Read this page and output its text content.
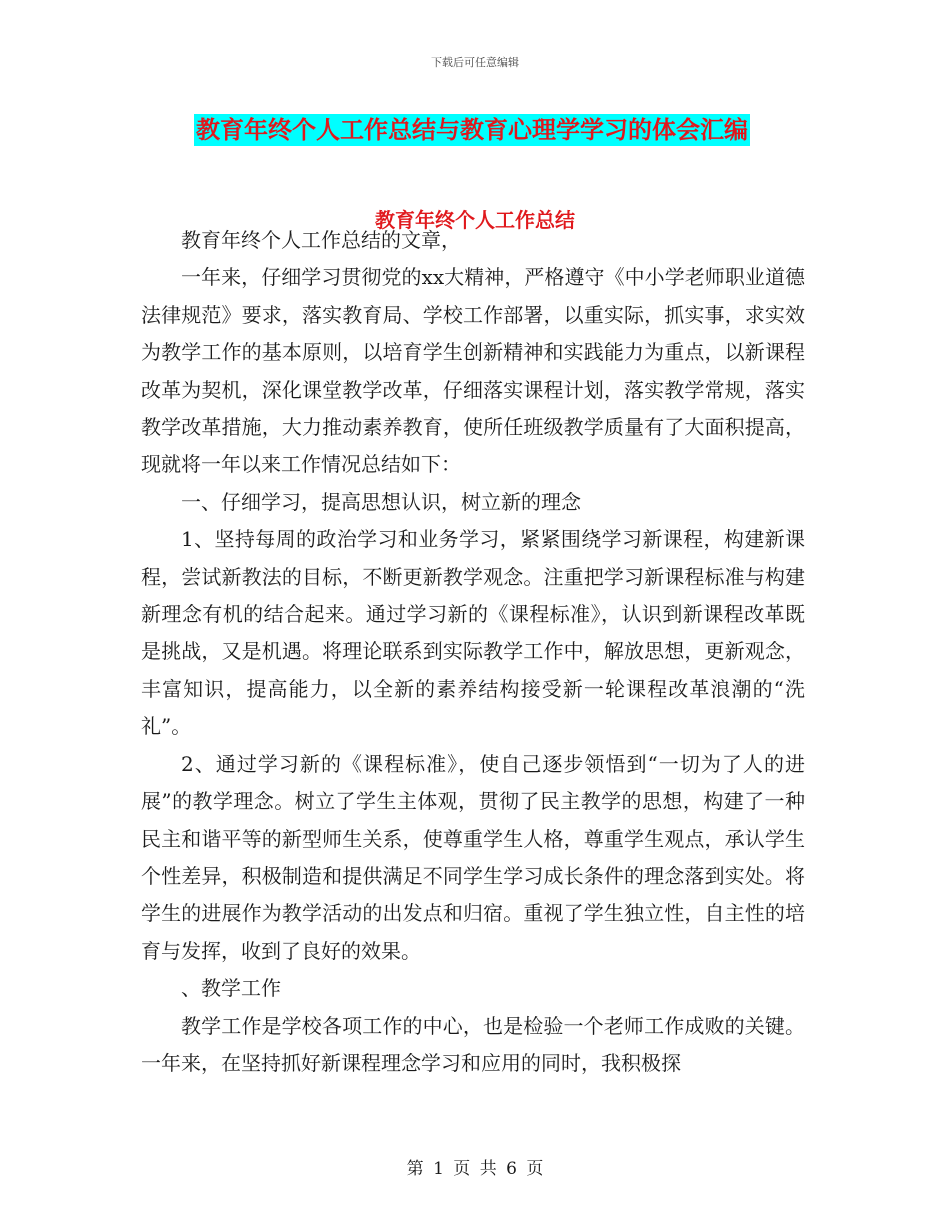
下载后可任意编辑
教育年终个人工作总结与教育心理学学习的体会汇编
教育年终个人工作总结

教育年终个人工作总结的文章，

一年来，仔细学习贯彻党的xx大精神，严格遵守《中小学老师职业道德法律规范》要求，落实教育局、学校工作部署，以重实际，抓实事，求实效为教学工作的基本原则，以培育学生创新精神和实践能力为重点，以新课程改革为契机，深化课堂教学改革，仔细落实课程计划，落实教学常规，落实教学改革措施，大力推动素养教育，使所任班级教学质量有了大面积提高，现就将一年以来工作情况总结如下：

一、仔细学习，提高思想认识，树立新的理念

1、坚持每周的政治学习和业务学习，紧紧围绕学习新课程，构建新课程，尝试新教法的目标，不断更新教学观念。注重把学习新课程标准与构建新理念有机的结合起来。通过学习新的《课程标准》，认识到新课程改革既是挑战，又是机遇。将理论联系到实际教学工作中，解放思想，更新观念，丰富知识，提高能力，以全新的素养结构接受新一轮课程改革浪潮的“洗礼”。

2、通过学习新的《课程标准》，使自己逐步领悟到“一切为了人的进展”的教学理念。树立了学生主体观，贯彻了民主教学的思想，构建了一种民主和谐平等的新型师生关系，使尊重学生人格，尊重学生观点，承认学生个性差异，积极制造和提供满足不同学生学习成长条件的理念落到实处。将学生的进展作为教学活动的出发点和归宿。重视了学生独立性，自主性的培育与发挥，收到了良好的效果。

、教学工作

教学工作是学校各项工作的中心，也是检验一个老师工作成败的关键。一年来，在坚持抓好新课程理念学习和应用的同时，我积极探

第 1 页 共 6 页
